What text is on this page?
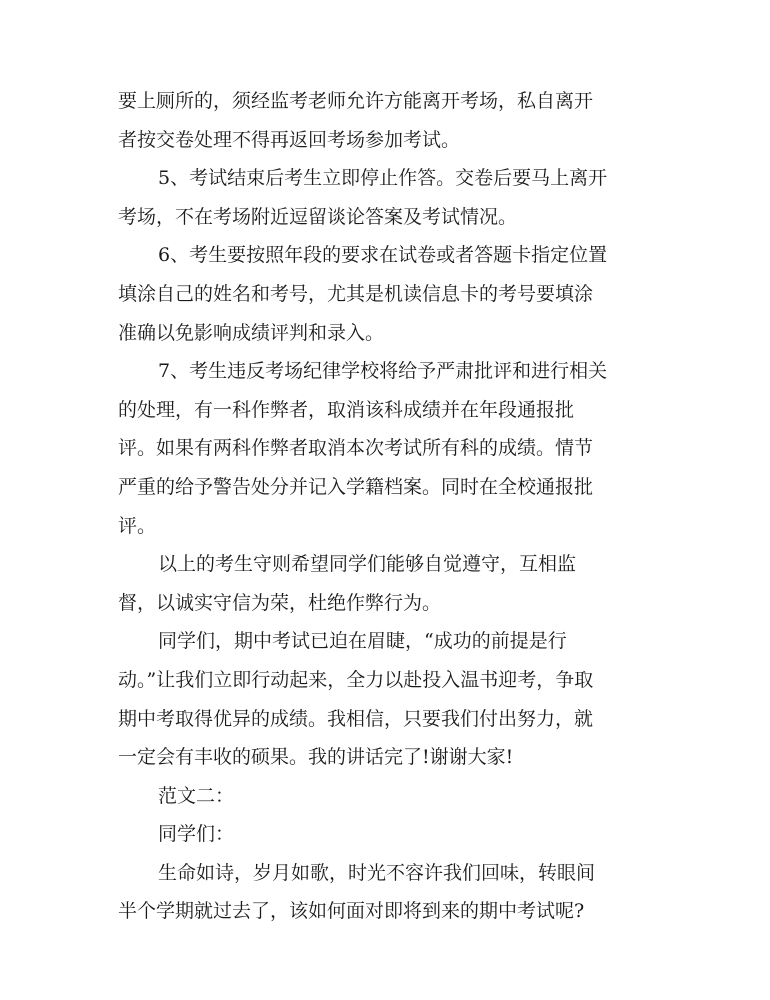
要上厕所的，须经监考老师允许方能离开考场，私自离开
者按交卷处理不得再返回考场参加考试。
5、考试结束后考生立即停止作答。交卷后要马上离开
考场，不在考场附近逗留谈论答案及考试情况。
6、考生要按照年段的要求在试卷或者答题卡指定位置
填涂自己的姓名和考号，尤其是机读信息卡的考号要填涂
准确以免影响成绩评判和录入。
7、考生违反考场纪律学校将给予严肃批评和进行相关
的处理，有一科作弊者，取消该科成绩并在年段通报批
评。如果有两科作弊者取消本次考试所有科的成绩。情节
严重的给予警告处分并记入学籍档案。同时在全校通报批
评。
以上的考生守则希望同学们能够自觉遵守，互相监
督，以诚实守信为荣，杜绝作弊行为。
同学们，期中考试已迫在眉睫，“成功的前提是行
动。”让我们立即行动起来，全力以赴投入温书迎考，争取
期中考取得优异的成绩。我相信，只要我们付出努力，就
一定会有丰收的硕果。我的讲话完了!谢谢大家!
范文二：
同学们：
生命如诗，岁月如歌，时光不容许我们回味，转眼间
半个学期就过去了，该如何面对即将到来的期中考试呢?
